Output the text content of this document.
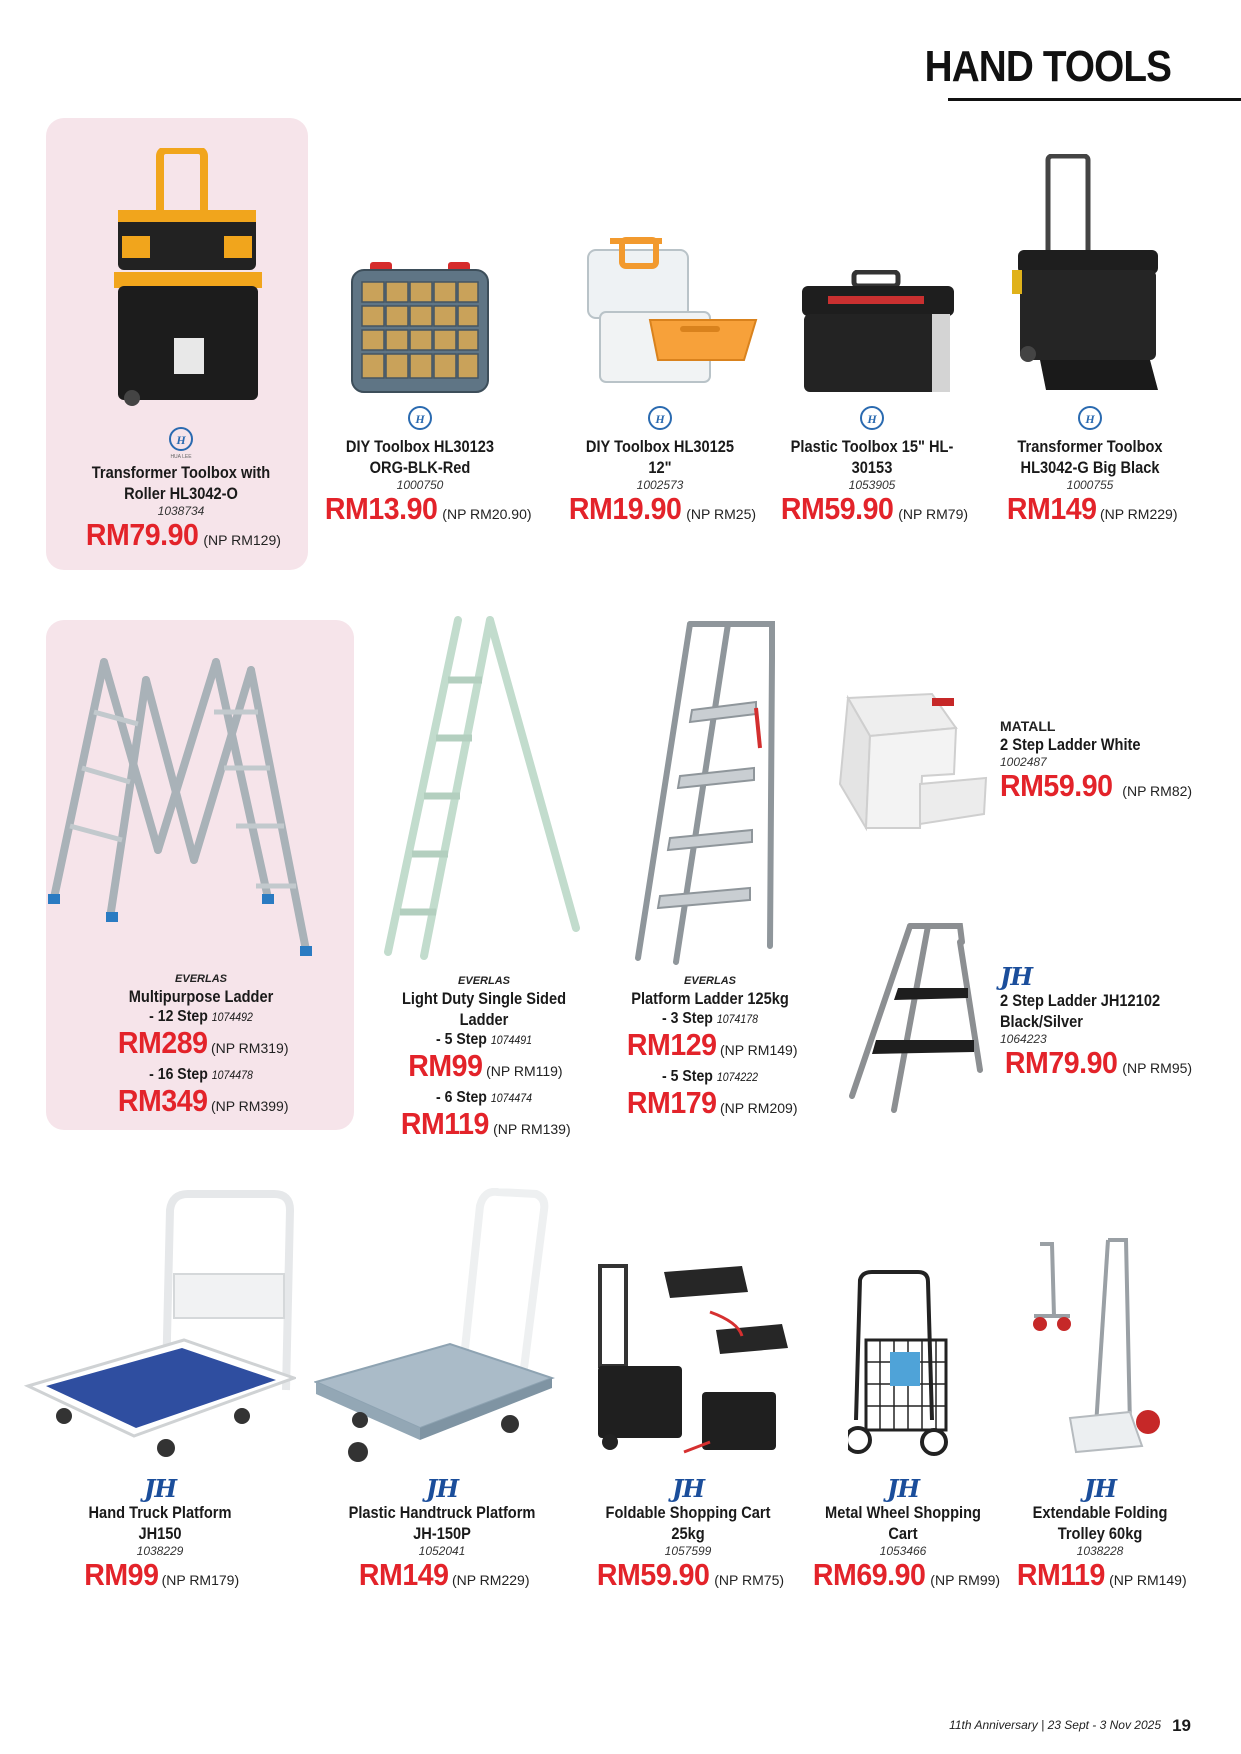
HAND TOOLS
H
HUA LEE
Transformer Toolbox with Roller HL3042-O
1038734
RM79.90 (NP RM129)
H
DIY Toolbox HL30123 ORG-BLK-Red
1000750
RM13.90 (NP RM20.90)
H
DIY Toolbox HL30125 12"
1002573
RM19.90 (NP RM25)
H
Plastic Toolbox 15" HL-30153
1053905
RM59.90 (NP RM79)
H
Transformer Toolbox HL3042-G Big Black
1000755
RM149 (NP RM229)
EVERLAS
Multipurpose Ladder
- 12 Step 1074492
RM289 (NP RM319)
- 16 Step 1074478
RM349 (NP RM399)
EVERLAS
Light Duty Single Sided Ladder
- 5 Step 1074491
RM99 (NP RM119)
- 6 Step 1074474
RM119 (NP RM139)
EVERLAS
Platform Ladder 125kg
- 3 Step 1074178
RM129 (NP RM149)
- 5 Step 1074222
RM179 (NP RM209)
MATALL
2 Step Ladder White
1002487
RM59.90 (NP RM82)
JH
2 Step Ladder JH12102 Black/Silver
1064223
RM79.90 (NP RM95)
JH
Hand Truck Platform JH150
1038229
RM99 (NP RM179)
JH
Plastic Handtruck Platform JH-150P
1052041
RM149 (NP RM229)
JH
Foldable Shopping Cart 25kg
1057599
RM59.90 (NP RM75)
JH
Metal Wheel Shopping Cart
1053466
RM69.90 (NP RM99)
JH
Extendable Folding Trolley 60kg
1038228
RM119 (NP RM149)
11th Anniversary | 23 Sept - 3 Nov 2025 19
